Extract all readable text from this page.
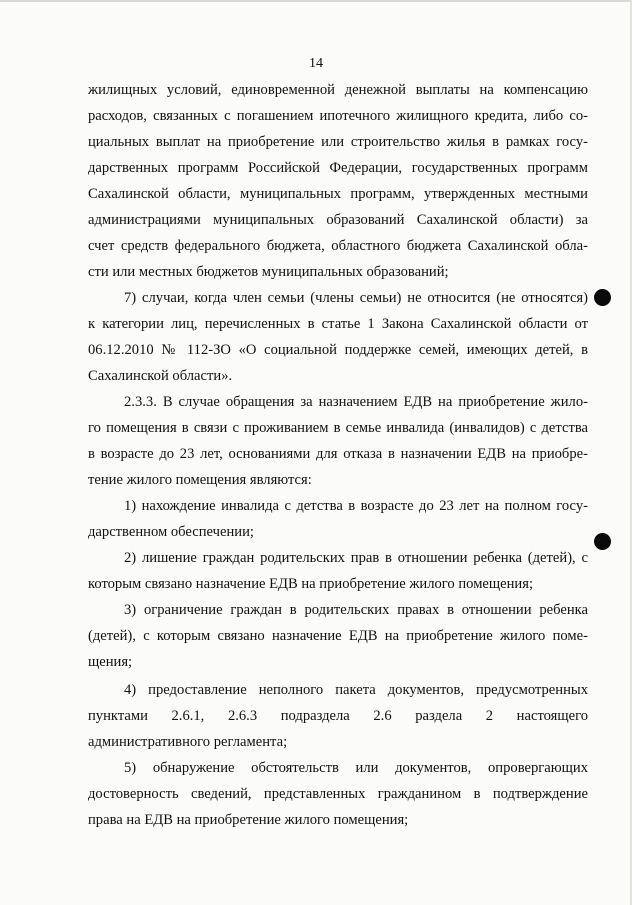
14
жилищных условий, единовременной денежной выплаты на компенсацию
расходов, связанных с погашением ипотечного жилищного кредита, либо со-
циальных выплат на приобретение или строительство жилья в рамках госу-
дарственных программ Российской Федерации, государственных программ
Сахалинской области, муниципальных программ, утвержденных местными
администрациями муниципальных образований Сахалинской области) за
счет средств федерального бюджета, областного бюджета Сахалинской обла-
сти или местных бюджетов муниципальных образований;
7) случаи, когда член семьи (члены семьи) не относится (не относятся)
к категории лиц, перечисленных в статье 1 Закона Сахалинской области от
06.12.2010 № 112-ЗО «О социальной поддержке семей, имеющих детей, в
Сахалинской области».
2.3.3. В случае обращения за назначением ЕДВ на приобретение жило-
го помещения в связи с проживанием в семье инвалида (инвалидов) с детства
в возрасте до 23 лет, основаниями для отказа в назначении ЕДВ на приобре-
тение жилого помещения являются:
1) нахождение инвалида с детства в возрасте до 23 лет на полном госу-
дарственном обеспечении;
2) лишение граждан родительских прав в отношении ребенка (детей), с
которым связано назначение ЕДВ на приобретение жилого помещения;
3) ограничение граждан в родительских правах в отношении ребенка
(детей), с которым связано назначение ЕДВ на приобретение жилого поме-
щения;
4) предоставление неполного пакета документов, предусмотренных
пунктами 2.6.1, 2.6.3 подраздела 2.6 раздела 2 настоящего
административного регламента;
5) обнаружение обстоятельств или документов, опровергающих
достоверность сведений, представленных гражданином в подтверждение
права на ЕДВ на приобретение жилого помещения;
